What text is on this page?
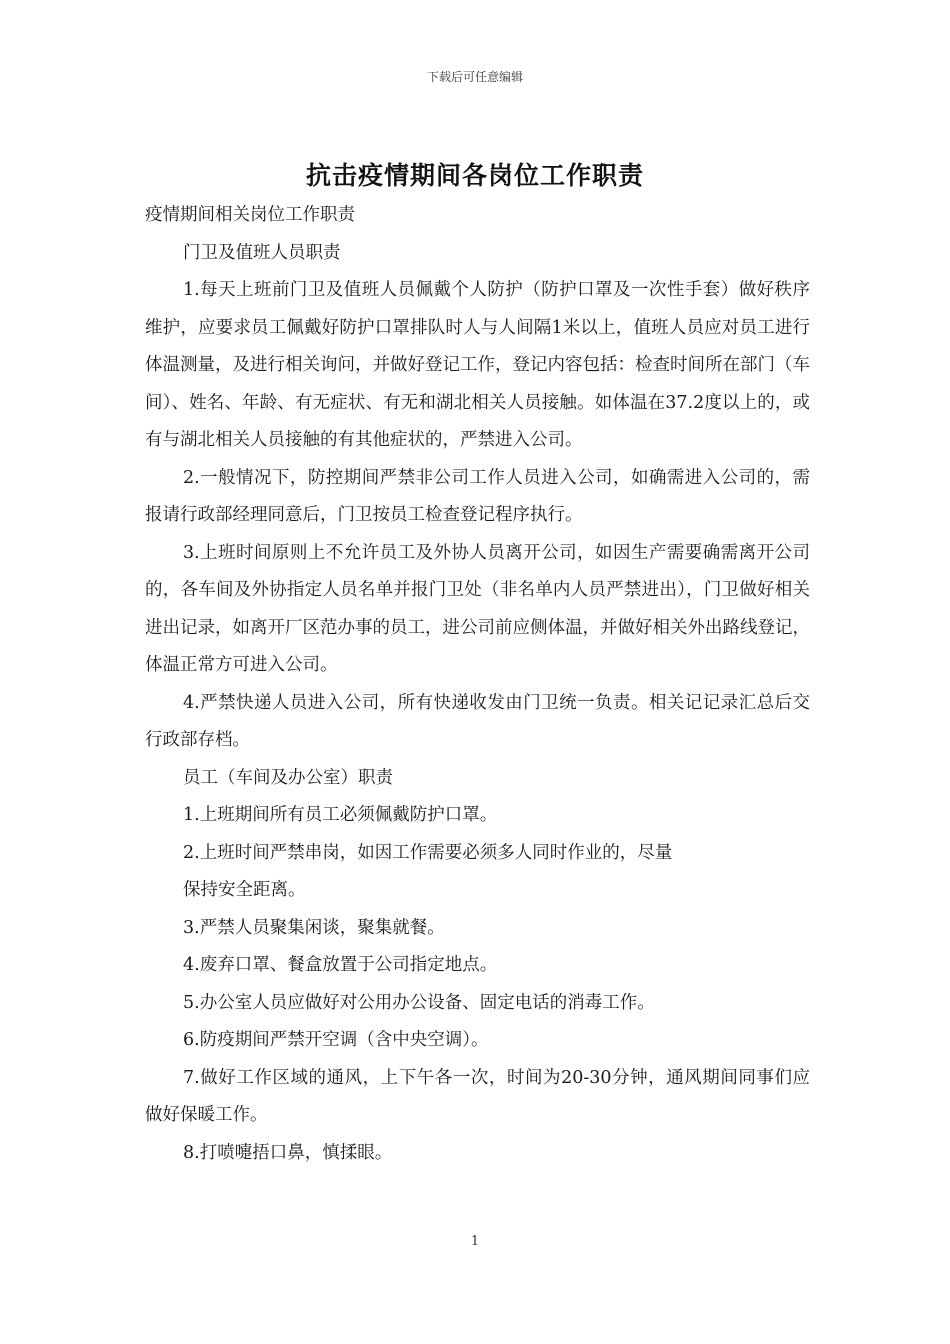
下载后可任意编辑
抗击疫情期间各岗位工作职责

疫情期间相关岗位工作职责

门卫及值班人员职责

1.每天上班前门卫及值班人员佩戴个人防护（防护口罩及一次性手套）做好秩序维护，应要求员工佩戴好防护口罩排队时人与人间隔1米以上，值班人员应对员工进行体温测量，及进行相关询问，并做好登记工作，登记内容包括：检查时间所在部门（车间）、姓名、年龄、有无症状、有无和湖北相关人员接触。如体温在37.2度以上的，或有与湖北相关人员接触的有其他症状的，严禁进入公司。

2.一般情况下，防控期间严禁非公司工作人员进入公司，如确需进入公司的，需报请行政部经理同意后，门卫按员工检查登记程序执行。

3.上班时间原则上不允许员工及外协人员离开公司，如因生产需要确需离开公司的，各车间及外协指定人员名单并报门卫处（非名单内人员严禁进出），门卫做好相关进出记录，如离开厂区范办事的员工，进公司前应侧体温，并做好相关外出路线登记，体温正常方可进入公司。

4.严禁快递人员进入公司，所有快递收发由门卫统一负责。相关记记录汇总后交行政部存档。

员工（车间及办公室）职责

1.上班期间所有员工必须佩戴防护口罩。

2.上班时间严禁串岗，如因工作需要必须多人同时作业的，尽量

保持安全距离。

3.严禁人员聚集闲谈，聚集就餐。

4.废弃口罩、餐盒放置于公司指定地点。

5.办公室人员应做好对公用办公设备、固定电话的消毒工作。

6.防疫期间严禁开空调（含中央空调）。

7.做好工作区域的通风，上下午各一次，时间为20-30分钟，通风期间同事们应做好保暖工作。

8.打喷嚏捂口鼻，慎揉眼。

1
